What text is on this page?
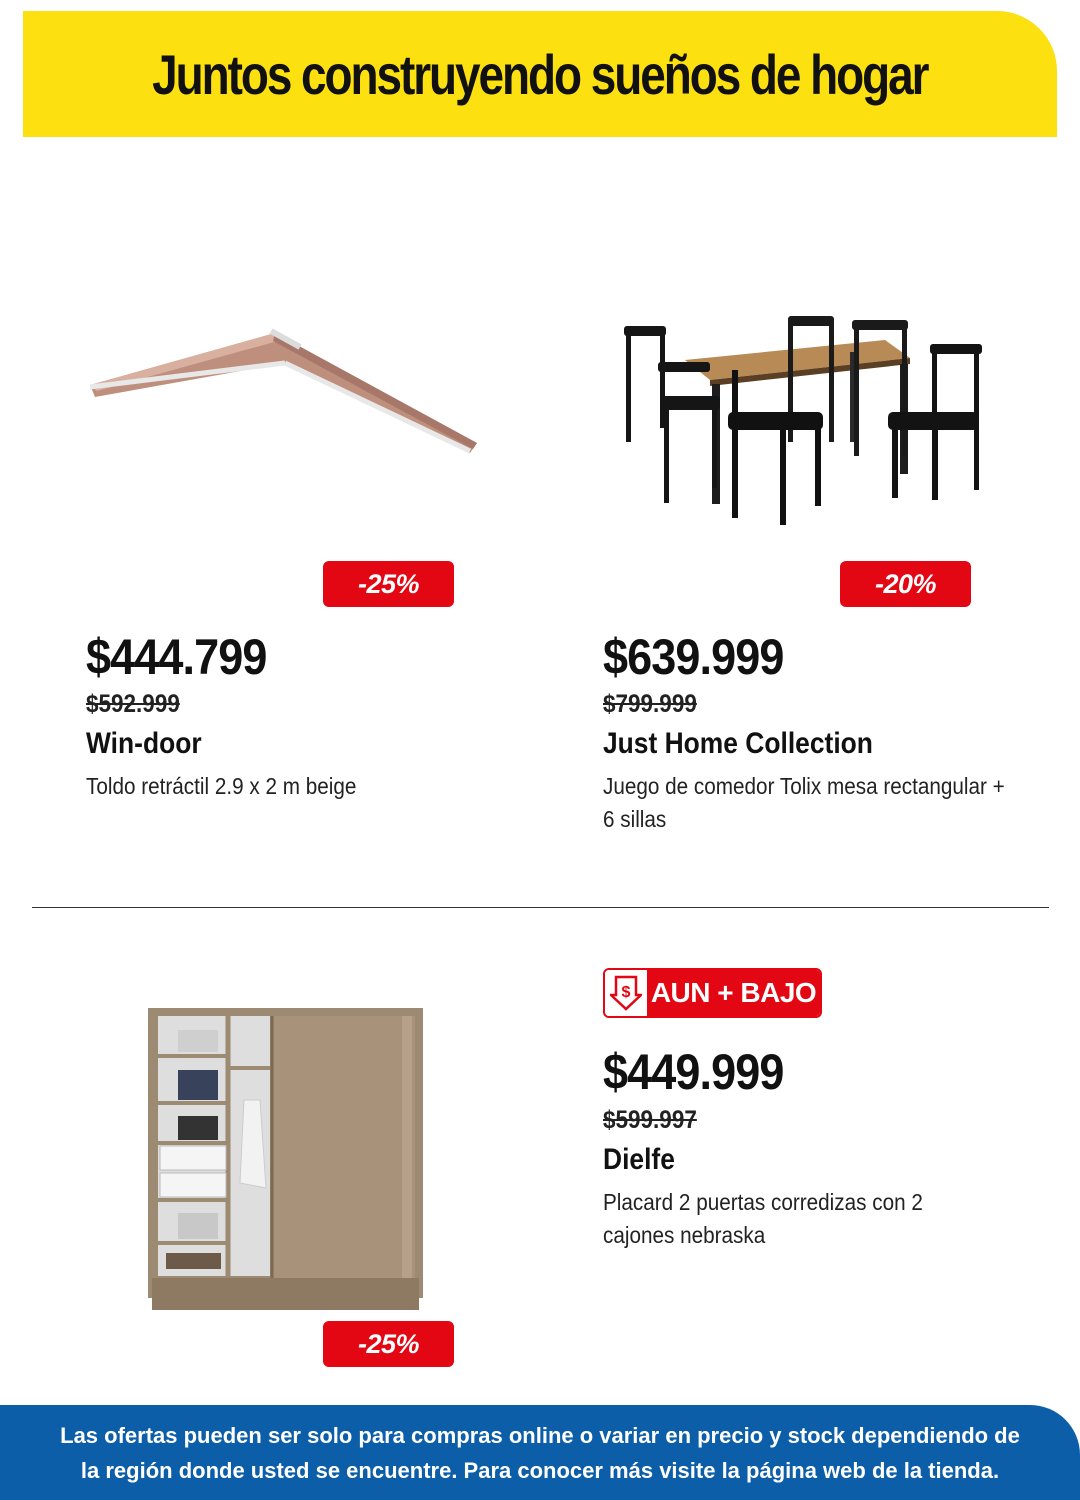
Juntos construyendo sueños de hogar
-25%
$444.799
$592.999
Win-door
Toldo retráctil 2.9 x 2 m beige
-20%
$639.999
$799.999
Just Home Collection
Juego de comedor Tolix mesa rectangular + 6 sillas
-25%
$ AUN + BAJO
$449.999
$599.997
Dielfe
Placard 2 puertas corredizas con 2 cajones nebraska
Las ofertas pueden ser solo para compras online o variar en precio y stock dependiendo de la región donde usted se encuentre. Para conocer más visite la página web de la tienda.
